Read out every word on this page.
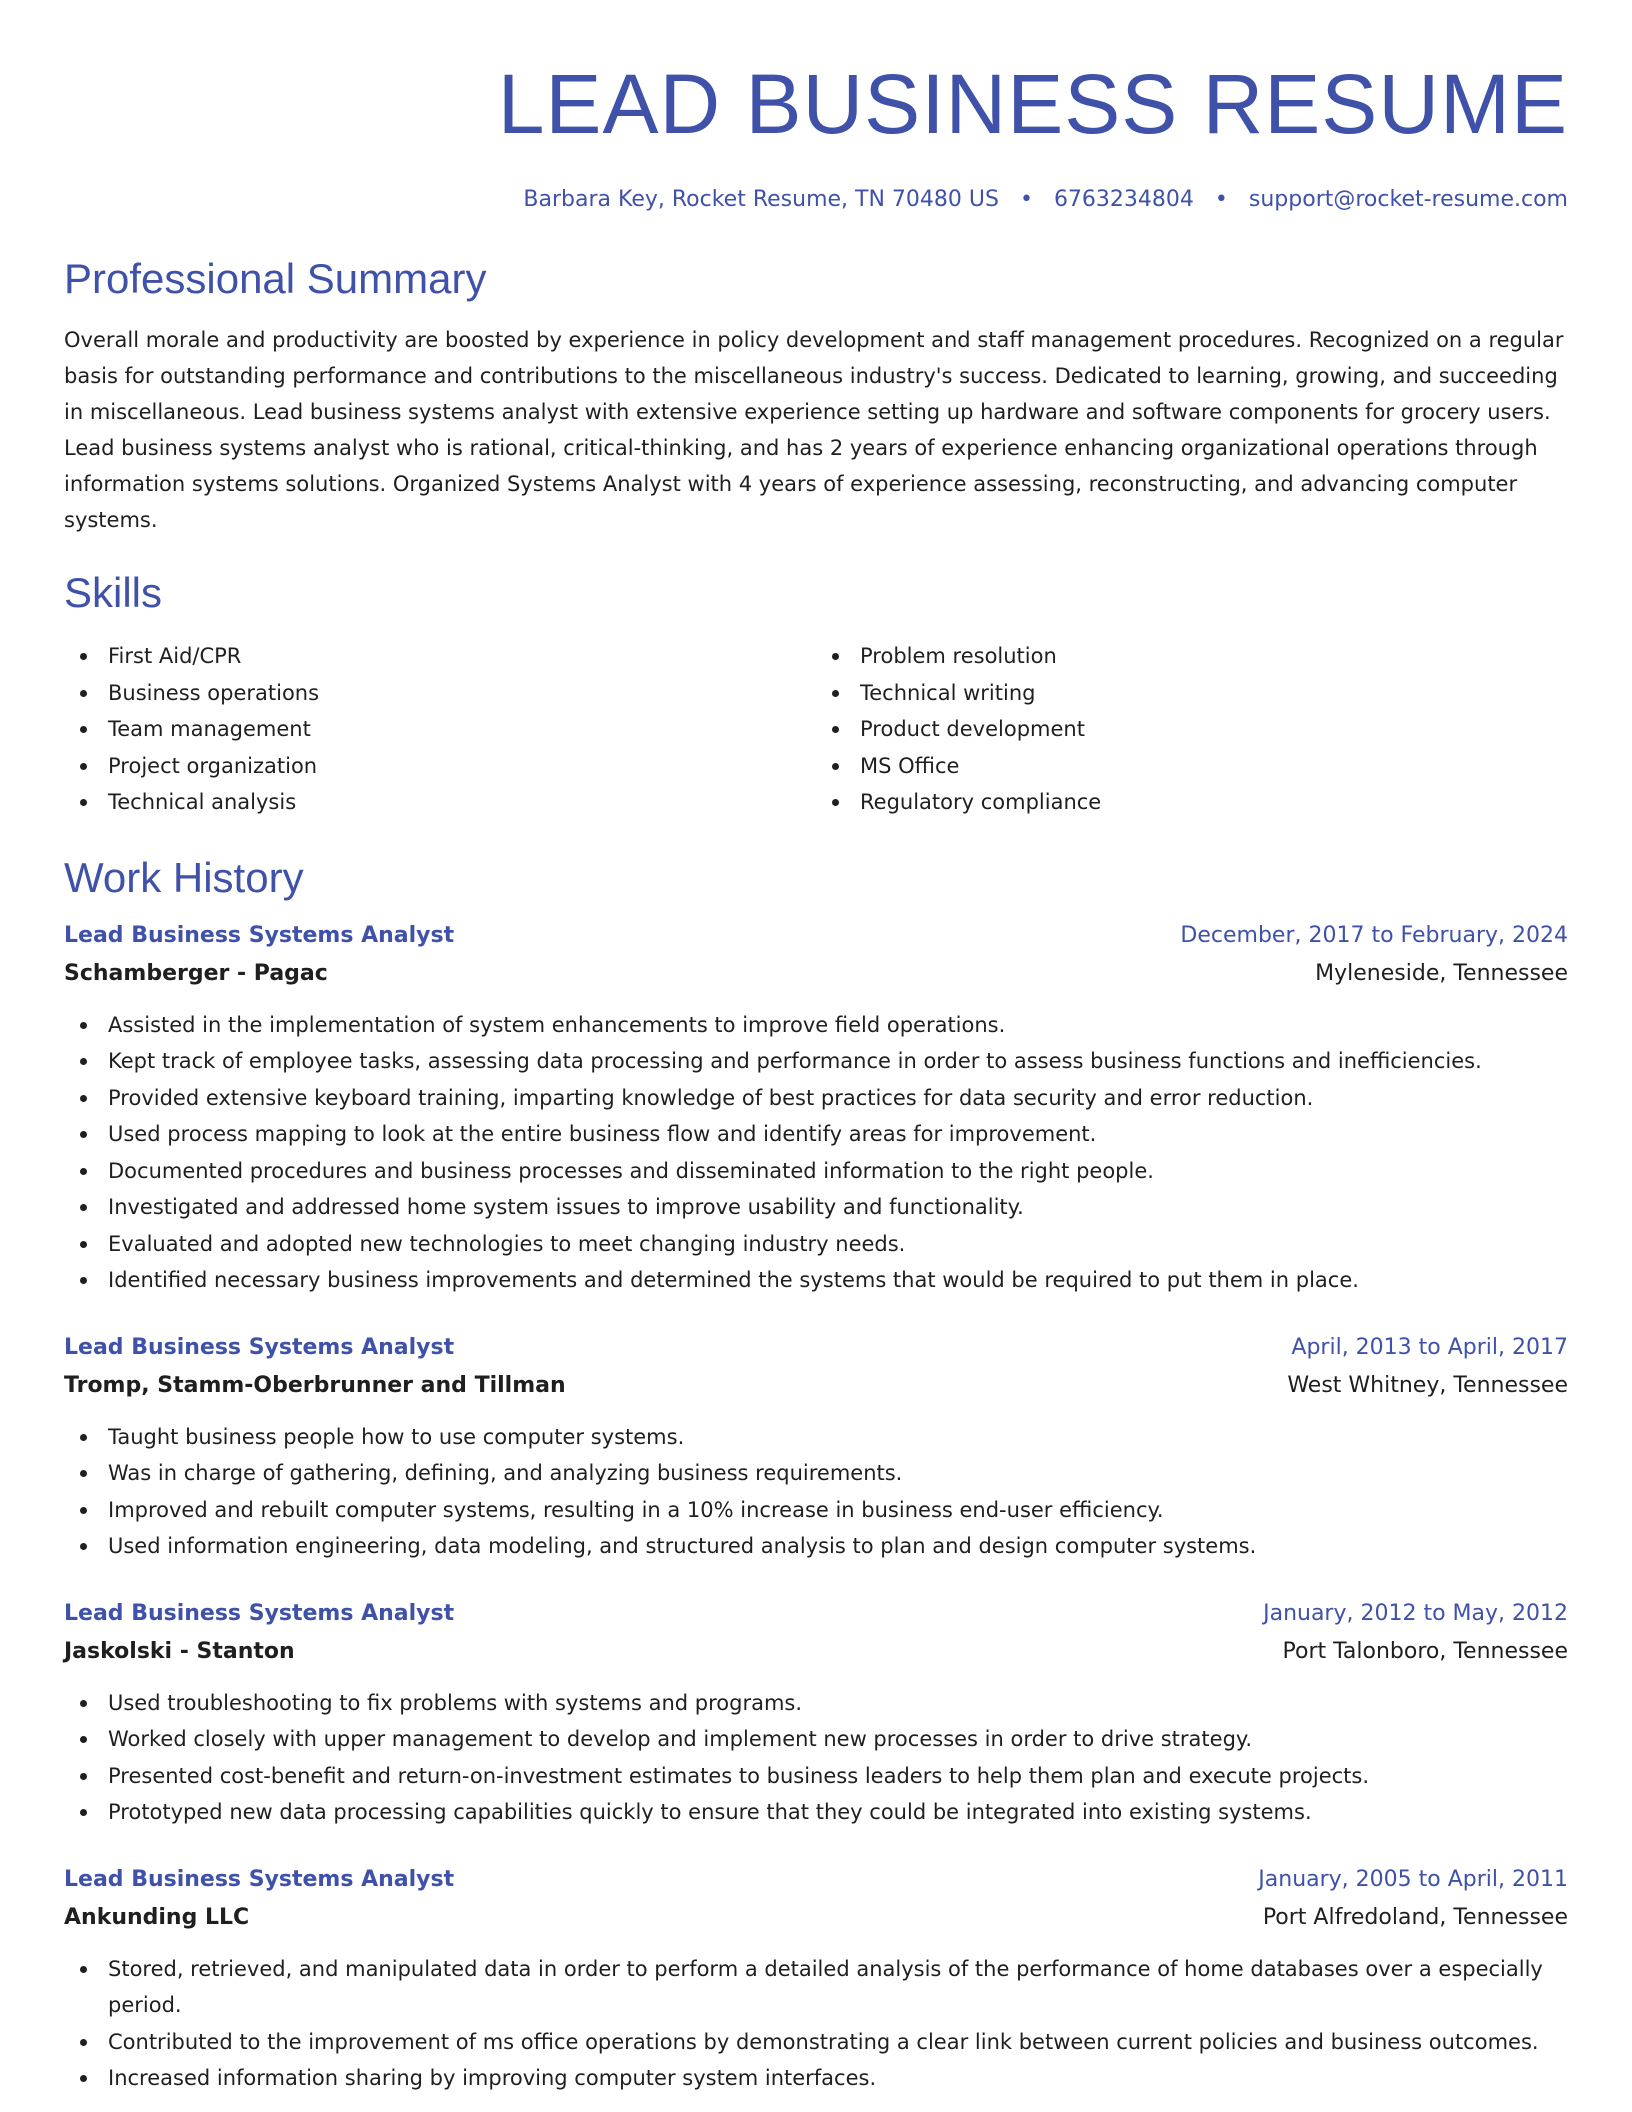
LEAD BUSINESS RESUME
Barbara Key, Rocket Resume, TN 70480 US • 6763234804 • support@rocket-resume.com
Professional Summary

Overall morale and productivity are boosted by experience in policy development and staff management procedures. Recognized on a regular basis for outstanding performance and contributions to the miscellaneous industry's success. Dedicated to learning, growing, and succeeding in miscellaneous. Lead business systems analyst with extensive experience setting up hardware and software components for grocery users. Lead business systems analyst who is rational, critical-thinking, and has 2 years of experience enhancing organizational operations through information systems solutions. Organized Systems Analyst with 4 years of experience assessing, reconstructing, and advancing computer systems.

Skills
First Aid/CPR
Business operations
Team management
Project organization
Technical analysis
Problem resolution
Technical writing
Product development
MS Office
Regulatory compliance
Work History
Lead Business Systems Analyst	December, 2017 to February, 2024
Schamberger - Pagac	Myleneside, Tennessee
Assisted in the implementation of system enhancements to improve field operations.
Kept track of employee tasks, assessing data processing and performance in order to assess business functions and inefficiencies.
Provided extensive keyboard training, imparting knowledge of best practices for data security and error reduction.
Used process mapping to look at the entire business flow and identify areas for improvement.
Documented procedures and business processes and disseminated information to the right people.
Investigated and addressed home system issues to improve usability and functionality.
Evaluated and adopted new technologies to meet changing industry needs.
Identified necessary business improvements and determined the systems that would be required to put them in place.
Lead Business Systems Analyst	April, 2013 to April, 2017
Tromp, Stamm-Oberbrunner and Tillman	West Whitney, Tennessee
Taught business people how to use computer systems.
Was in charge of gathering, defining, and analyzing business requirements.
Improved and rebuilt computer systems, resulting in a 10% increase in business end-user efficiency.
Used information engineering, data modeling, and structured analysis to plan and design computer systems.
Lead Business Systems Analyst	January, 2012 to May, 2012
Jaskolski - Stanton	Port Talonboro, Tennessee
Used troubleshooting to fix problems with systems and programs.
Worked closely with upper management to develop and implement new processes in order to drive strategy.
Presented cost-benefit and return-on-investment estimates to business leaders to help them plan and execute projects.
Prototyped new data processing capabilities quickly to ensure that they could be integrated into existing systems.
Lead Business Systems Analyst	January, 2005 to April, 2011
Ankunding LLC	Port Alfredoland, Tennessee
Stored, retrieved, and manipulated data in order to perform a detailed analysis of the performance of home databases over a especially period.
Contributed to the improvement of ms office operations by demonstrating a clear link between current policies and business outcomes.
Increased information sharing by improving computer system interfaces.
